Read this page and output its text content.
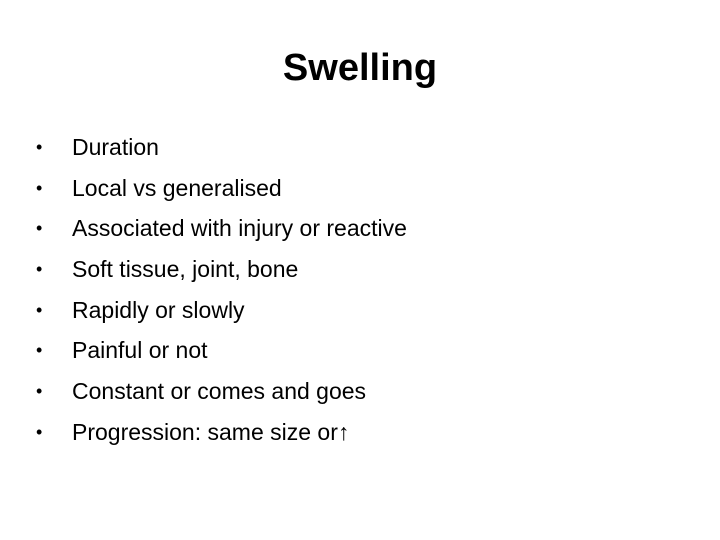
Swelling
•	Duration
•	Local vs generalised
•	Associated with injury or reactive
•	Soft tissue, joint, bone
•	Rapidly or slowly
•	Painful or not
•	Constant or comes and goes
•	Progression: same size or↑
